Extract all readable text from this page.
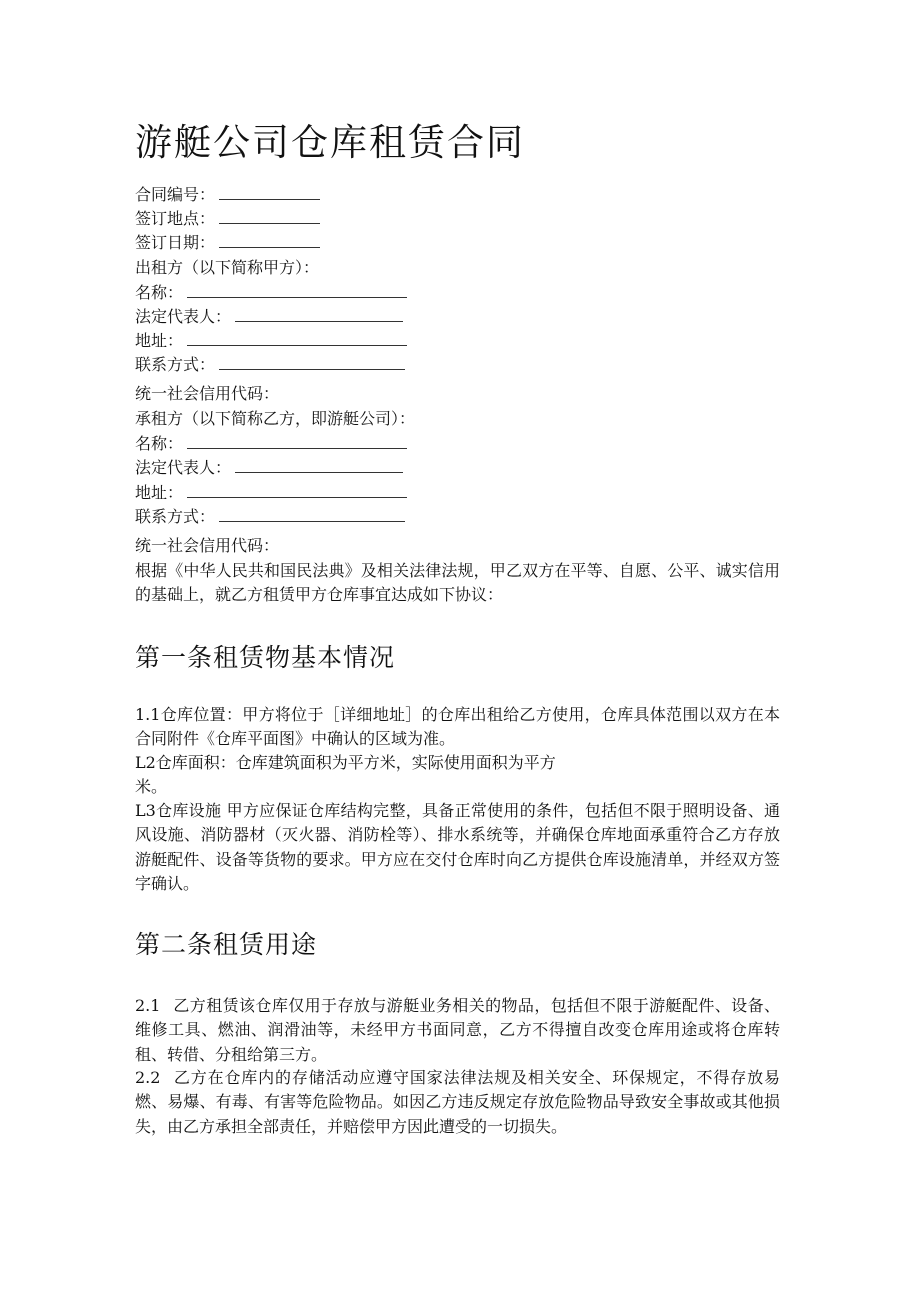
游艇公司仓库租赁合同
合同编号：
签订地点：
签订日期：
出租方（以下简称甲方）：
名称：
法定代表人：
地址：
联系方式：
统一社会信用代码：
承租方（以下简称乙方，即游艇公司）：
名称：
法定代表人：
地址：
联系方式：
统一社会信用代码：

根据《中华人民共和国民法典》及相关法律法规，甲乙双方在平等、自愿、公平、诚实信用的基础上，就乙方租赁甲方仓库事宜达成如下协议：

第一条租赁物基本情况

1.1仓库位置：甲方将位于［详细地址］的仓库出租给乙方使用，仓库具体范围以双方在本合同附件《仓库平面图》中确认的区域为准。

L2仓库面积：仓库建筑面积为平方米，实际使用面积为平方
米。

L3仓库设施 甲方应保证仓库结构完整，具备正常使用的条件，包括但不限于照明设备、通风设施、消防器材（灭火器、消防栓等）、排水系统等，并确保仓库地面承重符合乙方存放游艇配件、设备等货物的要求。甲方应在交付仓库时向乙方提供仓库设施清单，并经双方签字确认。

第二条租赁用途

2.1 乙方租赁该仓库仅用于存放与游艇业务相关的物品，包括但不限于游艇配件、设备、维修工具、燃油、润滑油等，未经甲方书面同意，乙方不得擅自改变仓库用途或将仓库转租、转借、分租给第三方。

2.2 乙方在仓库内的存储活动应遵守国家法律法规及相关安全、环保规定，不得存放易燃、易爆、有毒、有害等危险物品。如因乙方违反规定存放危险物品导致安全事故或其他损失，由乙方承担全部责任，并赔偿甲方因此遭受的一切损失。
